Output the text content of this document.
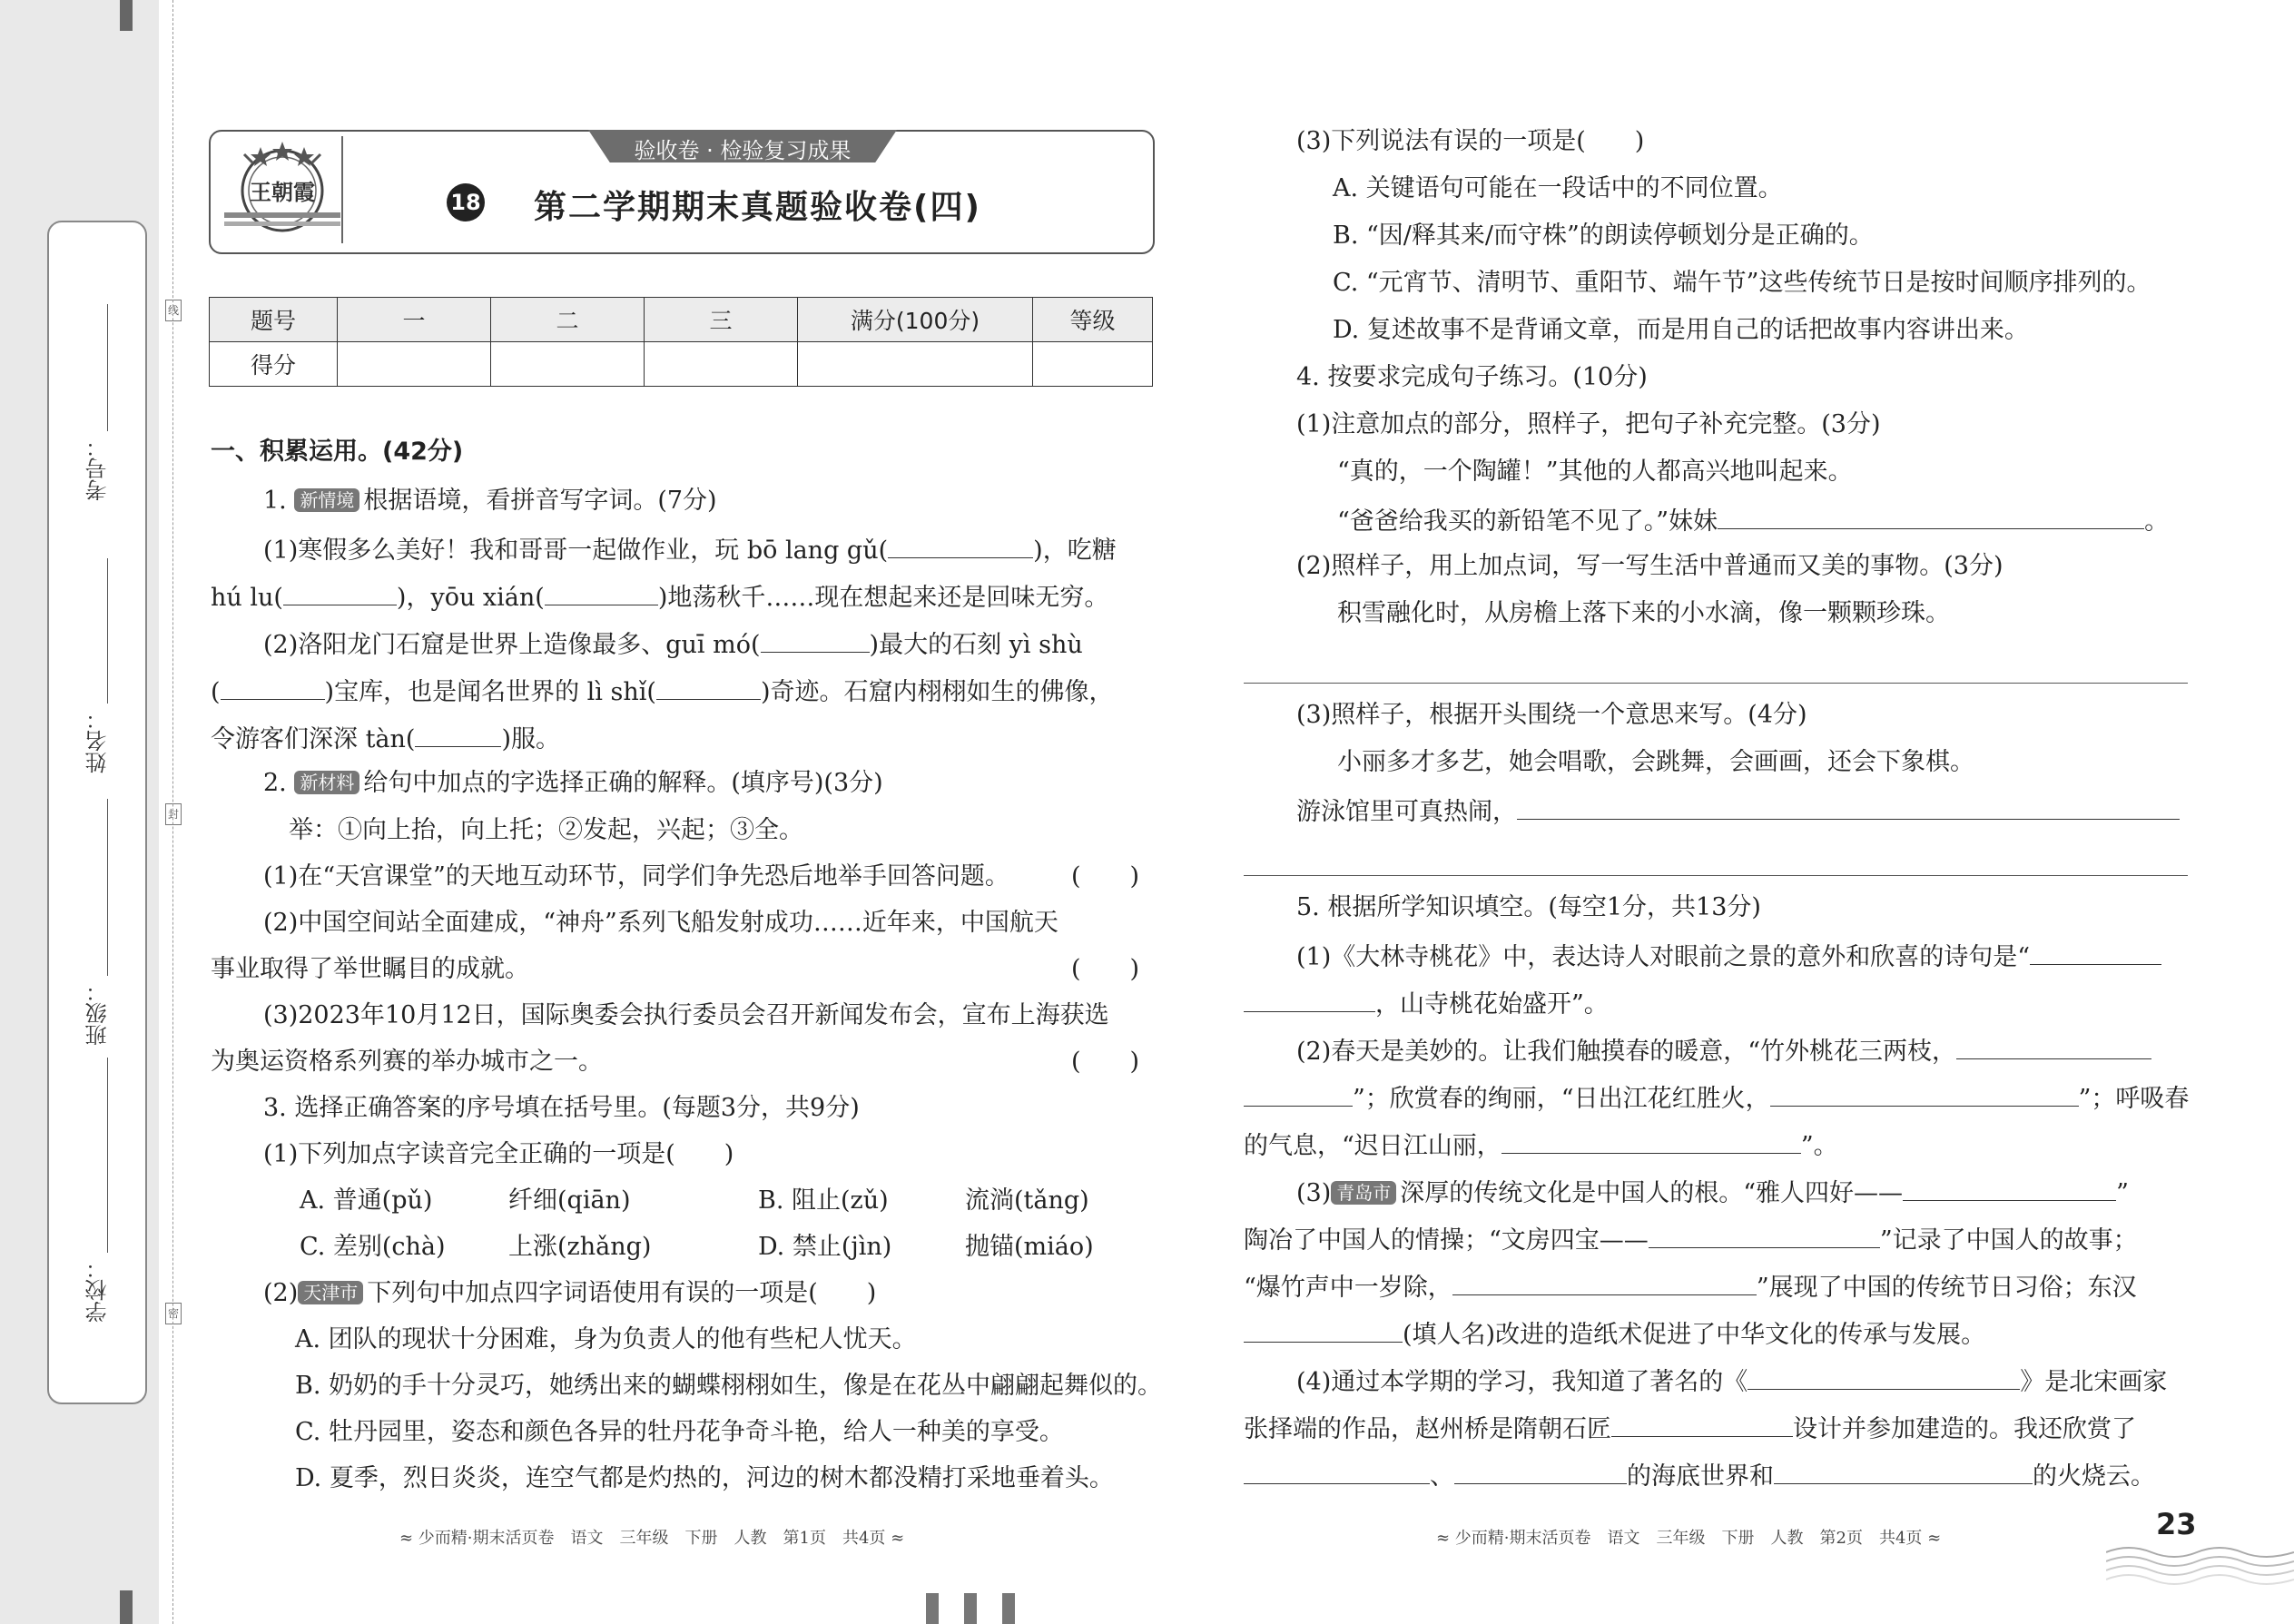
考号：
姓名：
班级：
学校：
线
封
密
王朝霞
验收卷 · 检验复习成果
18 第二学期期末真题验收卷(四)
题号	一	二	三	满分(100分)	等级
得分					
一、积累运用。(42分)
1. 新情境 根据语境，看拼音写字词。(7分)
(1)寒假多么美好！我和哥哥一起做作业，玩 bō lang gǔ(	)，吃糖
hú lu(	)，yōu xián(	)地荡秋千……现在想起来还是回味无穷。
(2)洛阳龙门石窟是世界上造像最多、guī mó(	)最大的石刻 yì shù
(	)宝库，也是闻名世界的 lì shǐ(	)奇迹。石窟内栩栩如生的佛像，
令游客们深深 tàn(	)服。
2. 新材料 给句中加点的字选择正确的解释。(填序号)(3分)
举：①向上抬，向上托；②发起，兴起；③全。
(1)在“天宫课堂”的天地互动环节，同学们争先恐后地举手回答问题。	(　　)
(2)中国空间站全面建成，“神舟”系列飞船发射成功……近年来，中国航天
事业取得了举世瞩目的成就。	(　　)
(3)2023年10月12日，国际奥委会执行委员会召开新闻发布会，宣布上海获选
为奥运资格系列赛的举办城市之一。	(　　)
3. 选择正确答案的序号填在括号里。(每题3分，共9分)
(1)下列加点字读音完全正确的一项是(　　)
A. 普通(pǔ)	纤细(qiān)	B. 阻止(zǔ)	流淌(tǎng)
C. 差别(chà)	上涨(zhǎng)	D. 禁止(jìn)	抛锚(miáo)
(2) 天津市 下列句中加点四字词语使用有误的一项是(　　)
A. 团队的现状十分困难，身为负责人的他有些杞人忧天。
B. 奶奶的手十分灵巧，她绣出来的蝴蝶栩栩如生，像是在花丛中翩翩起舞似的。
C. 牡丹园里，姿态和颜色各异的牡丹花争奇斗艳，给人一种美的享受。
D. 夏季，烈日炎炎，连空气都是灼热的，河边的树木都没精打采地垂着头。
≈ 少而精·期末活页卷　语文　三年级　下册　人教　第1页　共4页 ≈
(3)下列说法有误的一项是(　　)
A. 关键语句可能在一段话中的不同位置。
B. “因/释其来/而守株”的朗读停顿划分是正确的。
C. “元宵节、清明节、重阳节、端午节”这些传统节日是按时间顺序排列的。
D. 复述故事不是背诵文章，而是用自己的话把故事内容讲出来。
4. 按要求完成句子练习。(10分)
(1)注意加点的部分，照样子，把句子补充完整。(3分)
“真的，一个陶罐！”其他的人都高兴地叫起来。
“爸爸给我买的新铅笔不见了。”妹妹	。
(2)照样子，用上加点词，写一写生活中普通而又美的事物。(3分)
积雪融化时，从房檐上落下来的小水滴，像一颗颗珍珠。
(3)照样子，根据开头围绕一个意思来写。(4分)
小丽多才多艺，她会唱歌，会跳舞，会画画，还会下象棋。
游泳馆里可真热闹，
5. 根据所学知识填空。(每空1分，共13分)
(1)《大林寺桃花》中，表达诗人对眼前之景的意外和欣喜的诗句是“
，山寺桃花始盛开”。
(2)春天是美妙的。让我们触摸春的暖意，“竹外桃花三两枝，
”；欣赏春的绚丽，“日出江花红胜火，	”；呼吸春
的气息，“迟日江山丽，	”。
(3) 青岛市 深厚的传统文化是中国人的根。“雅人四好——	”
陶冶了中国人的情操；“文房四宝——	”记录了中国人的故事；
“爆竹声中一岁除，	”展现了中国的传统节日习俗；东汉
(填人名)改进的造纸术促进了中华文化的传承与发展。
(4)通过本学期的学习，我知道了著名的《	》是北宋画家
张择端的作品，赵州桥是隋朝石匠	设计并参加建造的。我还欣赏了
、	的海底世界和	的火烧云。
≈ 少而精·期末活页卷　语文　三年级　下册　人教　第2页　共4页 ≈	23
